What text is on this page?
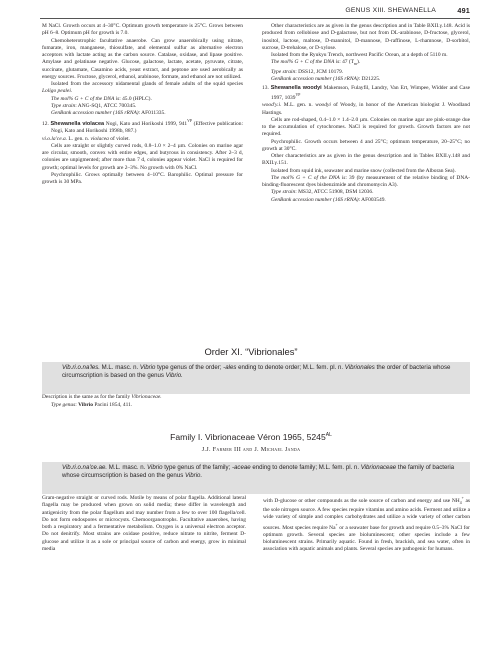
GENUS XIII. SHEWANELLA	491

M NaCl. Growth occurs at 4–30°C. Optimum growth temperature is 25°C. Grows between pH 6–8. Optimum pH for growth is 7.0.

Chemoheterotrophic facultative anaerobe. Can grow anaerobically using nitrate, fumarate, iron, manganese, thiosulfate, and elemental sulfur as alternative electron acceptors with lactate acting as the carbon source. Catalase, oxidase, and lipase positive. Amylase and gelatinase negative. Glucose, galactose, lactate, acetate, pyruvate, citrate, succinate, glutamate, Casamino acids, yeast extract, and peptone are used aerobically as energy sources. Fructose, glycerol, ethanol, arabinose, formate, and ethanol are not utilized.

Isolated from the accessory nidamental glands of female adults of the squid species Loligo pealei.

The mol% G + C of the DNA is: 45.0 (HPLC).

Type strain: ANG-SQ1, ATCC 700345.

GenBank accession number (16S rRNA): AF011335.

12. Shewanella violacea Nogi, Kato and Horikoshi 1999, $941^{VP}$ (Effective publication: Nogi, Kato and Horikoshi 1998b, 887.)

vi.o.la′ce.a. L. gen. n. violacea of violet.

Cells are straight or slightly curved rods, 0.8–1.0 × 2–4 µm. Colonies on marine agar are circular, smooth, convex with entire edges, and butyrous in consistency. After 2–3 d, colonies are unpigmented; after more than 7 d, colonies appear violet. NaCl is required for growth; optimal levels for growth are 2–3%. No growth with 0% NaCl.

Psychrophilic. Grows optimally between 4–10°C. Barophilic. Optimal pressure for growth is 30 MPa.

Other characteristics are as given in the genus description and in Table BXII.γ.148. Acid is produced from cellobiose and D-galactose, but not from DL-arabinose, D-fructose, glycerol, inositol, lactose, maltose, D-mannitol, D-mannose, D-raffinose, L-rhamnose, D-sorbitol, sucrose, D-trehalose, or D-xylose.

Isolated from the Ryukyu Trench, northwest Pacific Ocean, at a depth of 5110 m.

The mol% G + C of the DNA is: 47 $(T_m)$.

Type strain: DSS12, JCM 10179.

GenBank accession number (16S rRNA): D21225.

13. Shewanella woodyi Makemson, Fulayfil, Landry, Van Ert, Wimpee, Widder and Case 1997, $1039^{VP}$

wood′y.i. M.L. gen. n. woodyi of Woody, in honor of the American biologist J. Woodland Hastings.

Cells are rod-shaped, 0.4–1.0 × 1.4–2.0 µm. Colonies on marine agar are pink-orange due to the accumulation of cytochromes. NaCl is required for growth. Growth factors are not required.

Psychrophilic. Growth occurs between 4 and 25°C; optimum temperature, 20–25°C; no growth at 30°C.

Other characteristics are as given in the genus description and in Tables BXII.γ.148 and BXII.γ.151.

Isolated from squid ink, seawater and marine snow (collected from the Alboran Sea).

The mol% G + C of the DNA is: 39 (by measurement of the relative binding of DNA-binding-fluorescent dyes bisbenzimide and chromomycin A3).

Type strain: MS32, ATCC 51908, DSM 12036.

GenBank accession number (16S rRNA): AF003549.

Order XI. “Vibrionales”
Vib.ri.o.na′les. M.L. masc. n. Vibrio type genus of the order; -ales ending to denote order; M.L. fem. pl. n. Vibrionales the order of bacteria whose circumscription is based on the genus Vibrio.
Description is the same as for the family Vibrionaceae.
Type genus: Vibrio Pacini 1854, 411.
Family I. Vibrionaceae Véron 1965, $5245^{AL}$
J.J. Farmer III and J. Michael Janda
Vib.ri.o.na′ce.ae. M.L. masc. n. Vibrio type genus of the family; -aceae ending to denote family; M.L. fem. pl. n. Vibrionaceae the family of bacteria whose circumscription is based on the genus Vibrio.

Gram-negative straight or curved rods. Motile by means of polar flagella. Additional lateral flagella may be produced when grown on solid media; these differ in wavelength and antigenicity from the polar flagellum and may number from a few to over 100 flagella/cell. Do not form endospores or microcysts. Chemoorganotrophs. Facultative anaerobes, having both a respiratory and a fermentative metabolism. Oxygen is a universal electron acceptor. Do not denitrify. Most strains are oxidase positive, reduce nitrate to nitrite, ferment D-glucose and utilize it as a sole or principal source of carbon and energy, grow in minimal media

with D-glucose or other compounds as the sole source of carbon and energy and use $NH_4^+$ as the sole nitrogen source. A few species require vitamins and amino acids. Ferment and utilize a wide variety of simple and complex carbohydrates and utilize a wide variety of other carbon sources. Most species require Na+ or a seawater base for growth and require 0.5–3% NaCl for optimum growth. Several species are bioluminescent; other species include a few bioluminescent strains. Primarily aquatic. Found in fresh, brackish, and sea water, often in association with aquatic animals and plants. Several species are pathogenic for humans.
